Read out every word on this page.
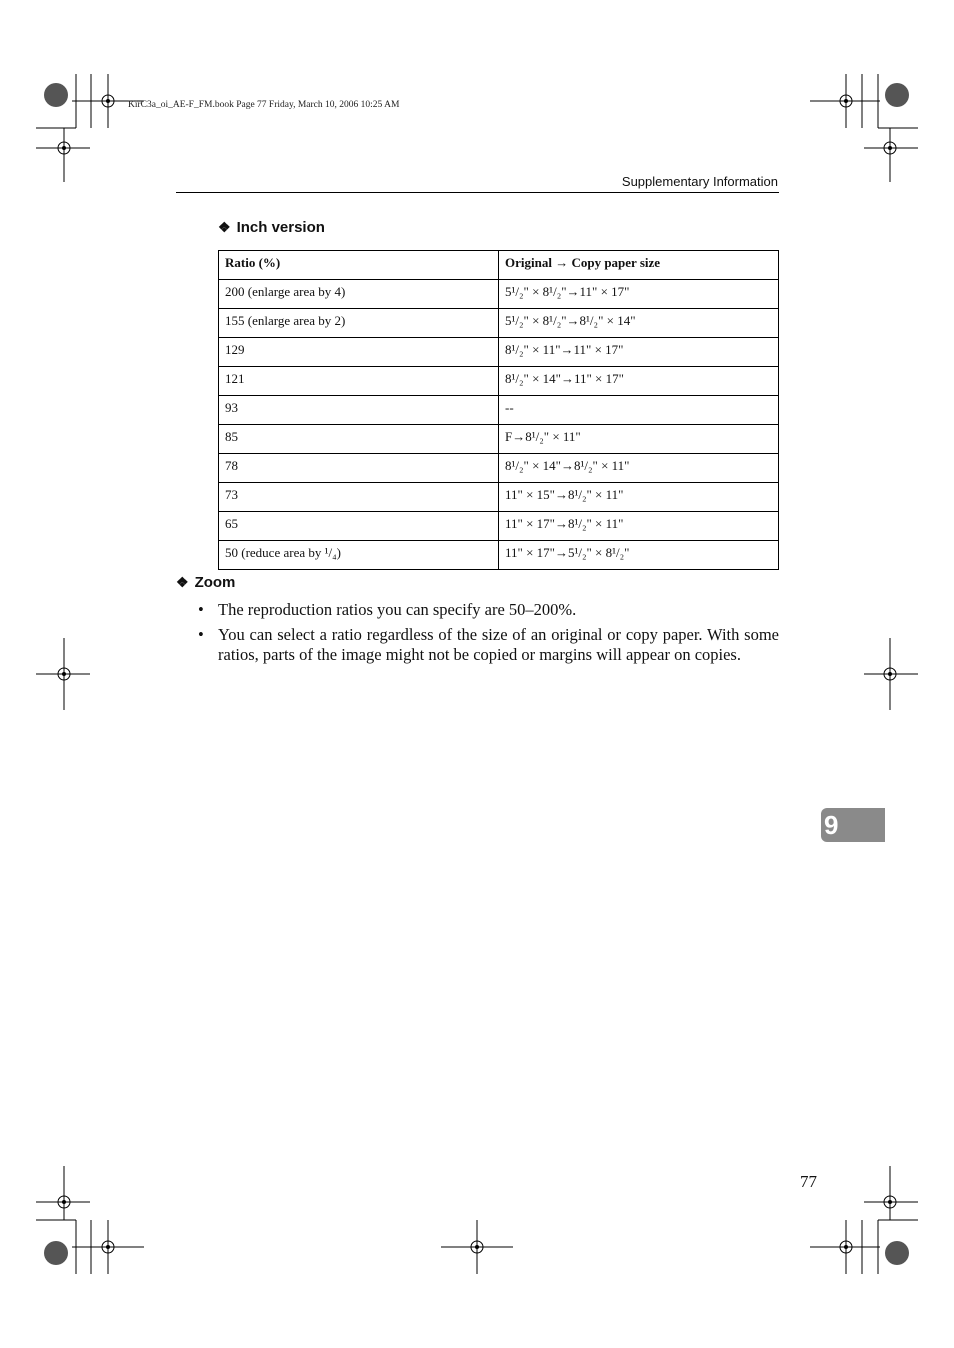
KirC3a_oi_AE-F_FM.book Page 77 Friday, March 10, 2006 10:25 AM
Supplementary Information
❖ Inch version
Ratio (%)	Original → Copy paper size
200 (enlarge area by 4)	5¹/₂" × 8¹/₂"→11" × 17"
155 (enlarge area by 2)	5¹/₂" × 8¹/₂"→8¹/₂" × 14"
129	8¹/₂" × 11"→11" × 17"
121	8¹/₂" × 14"→11" × 17"
93	--
85	F→8¹/₂" × 11"
78	8¹/₂" × 14"→8¹/₂" × 11"
73	11" × 15"→8¹/₂" × 11"
65	11" × 17"→8¹/₂" × 11"
50 (reduce area by ¹/₄)	11" × 17"→5¹/₂" × 8¹/₂"
❖ Zoom
• The reproduction ratios you can specify are 50–200%.
• You can select a ratio regardless of the size of an original or copy paper. With some ratios, parts of the image might not be copied or margins will appear on copies.
9
77
